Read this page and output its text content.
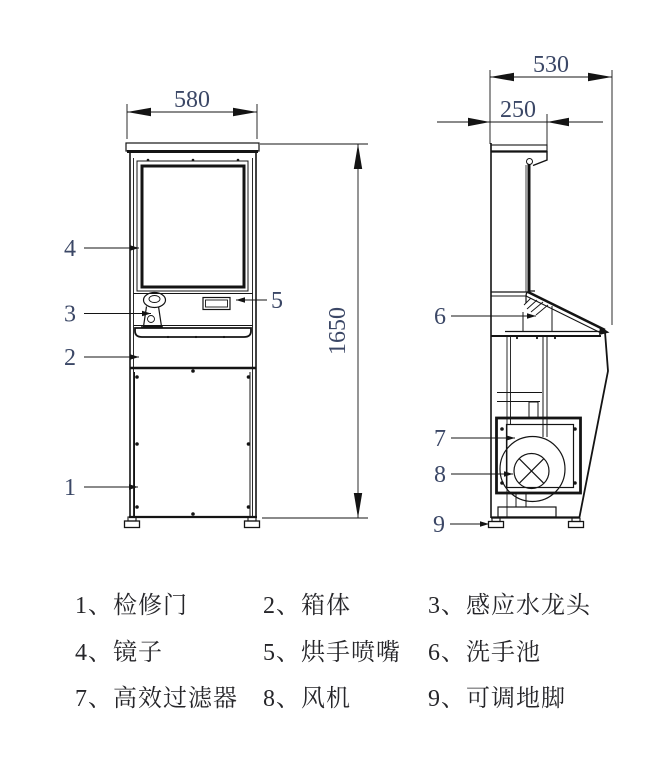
580
1650
530
250
4
3
2
1
5
6
7
8
9
1、检修门	2、箱体	3、感应水龙头
4、镜子	5、烘手喷嘴 6、洗手池
7、高效过滤器 8、风机	9、可调地脚
